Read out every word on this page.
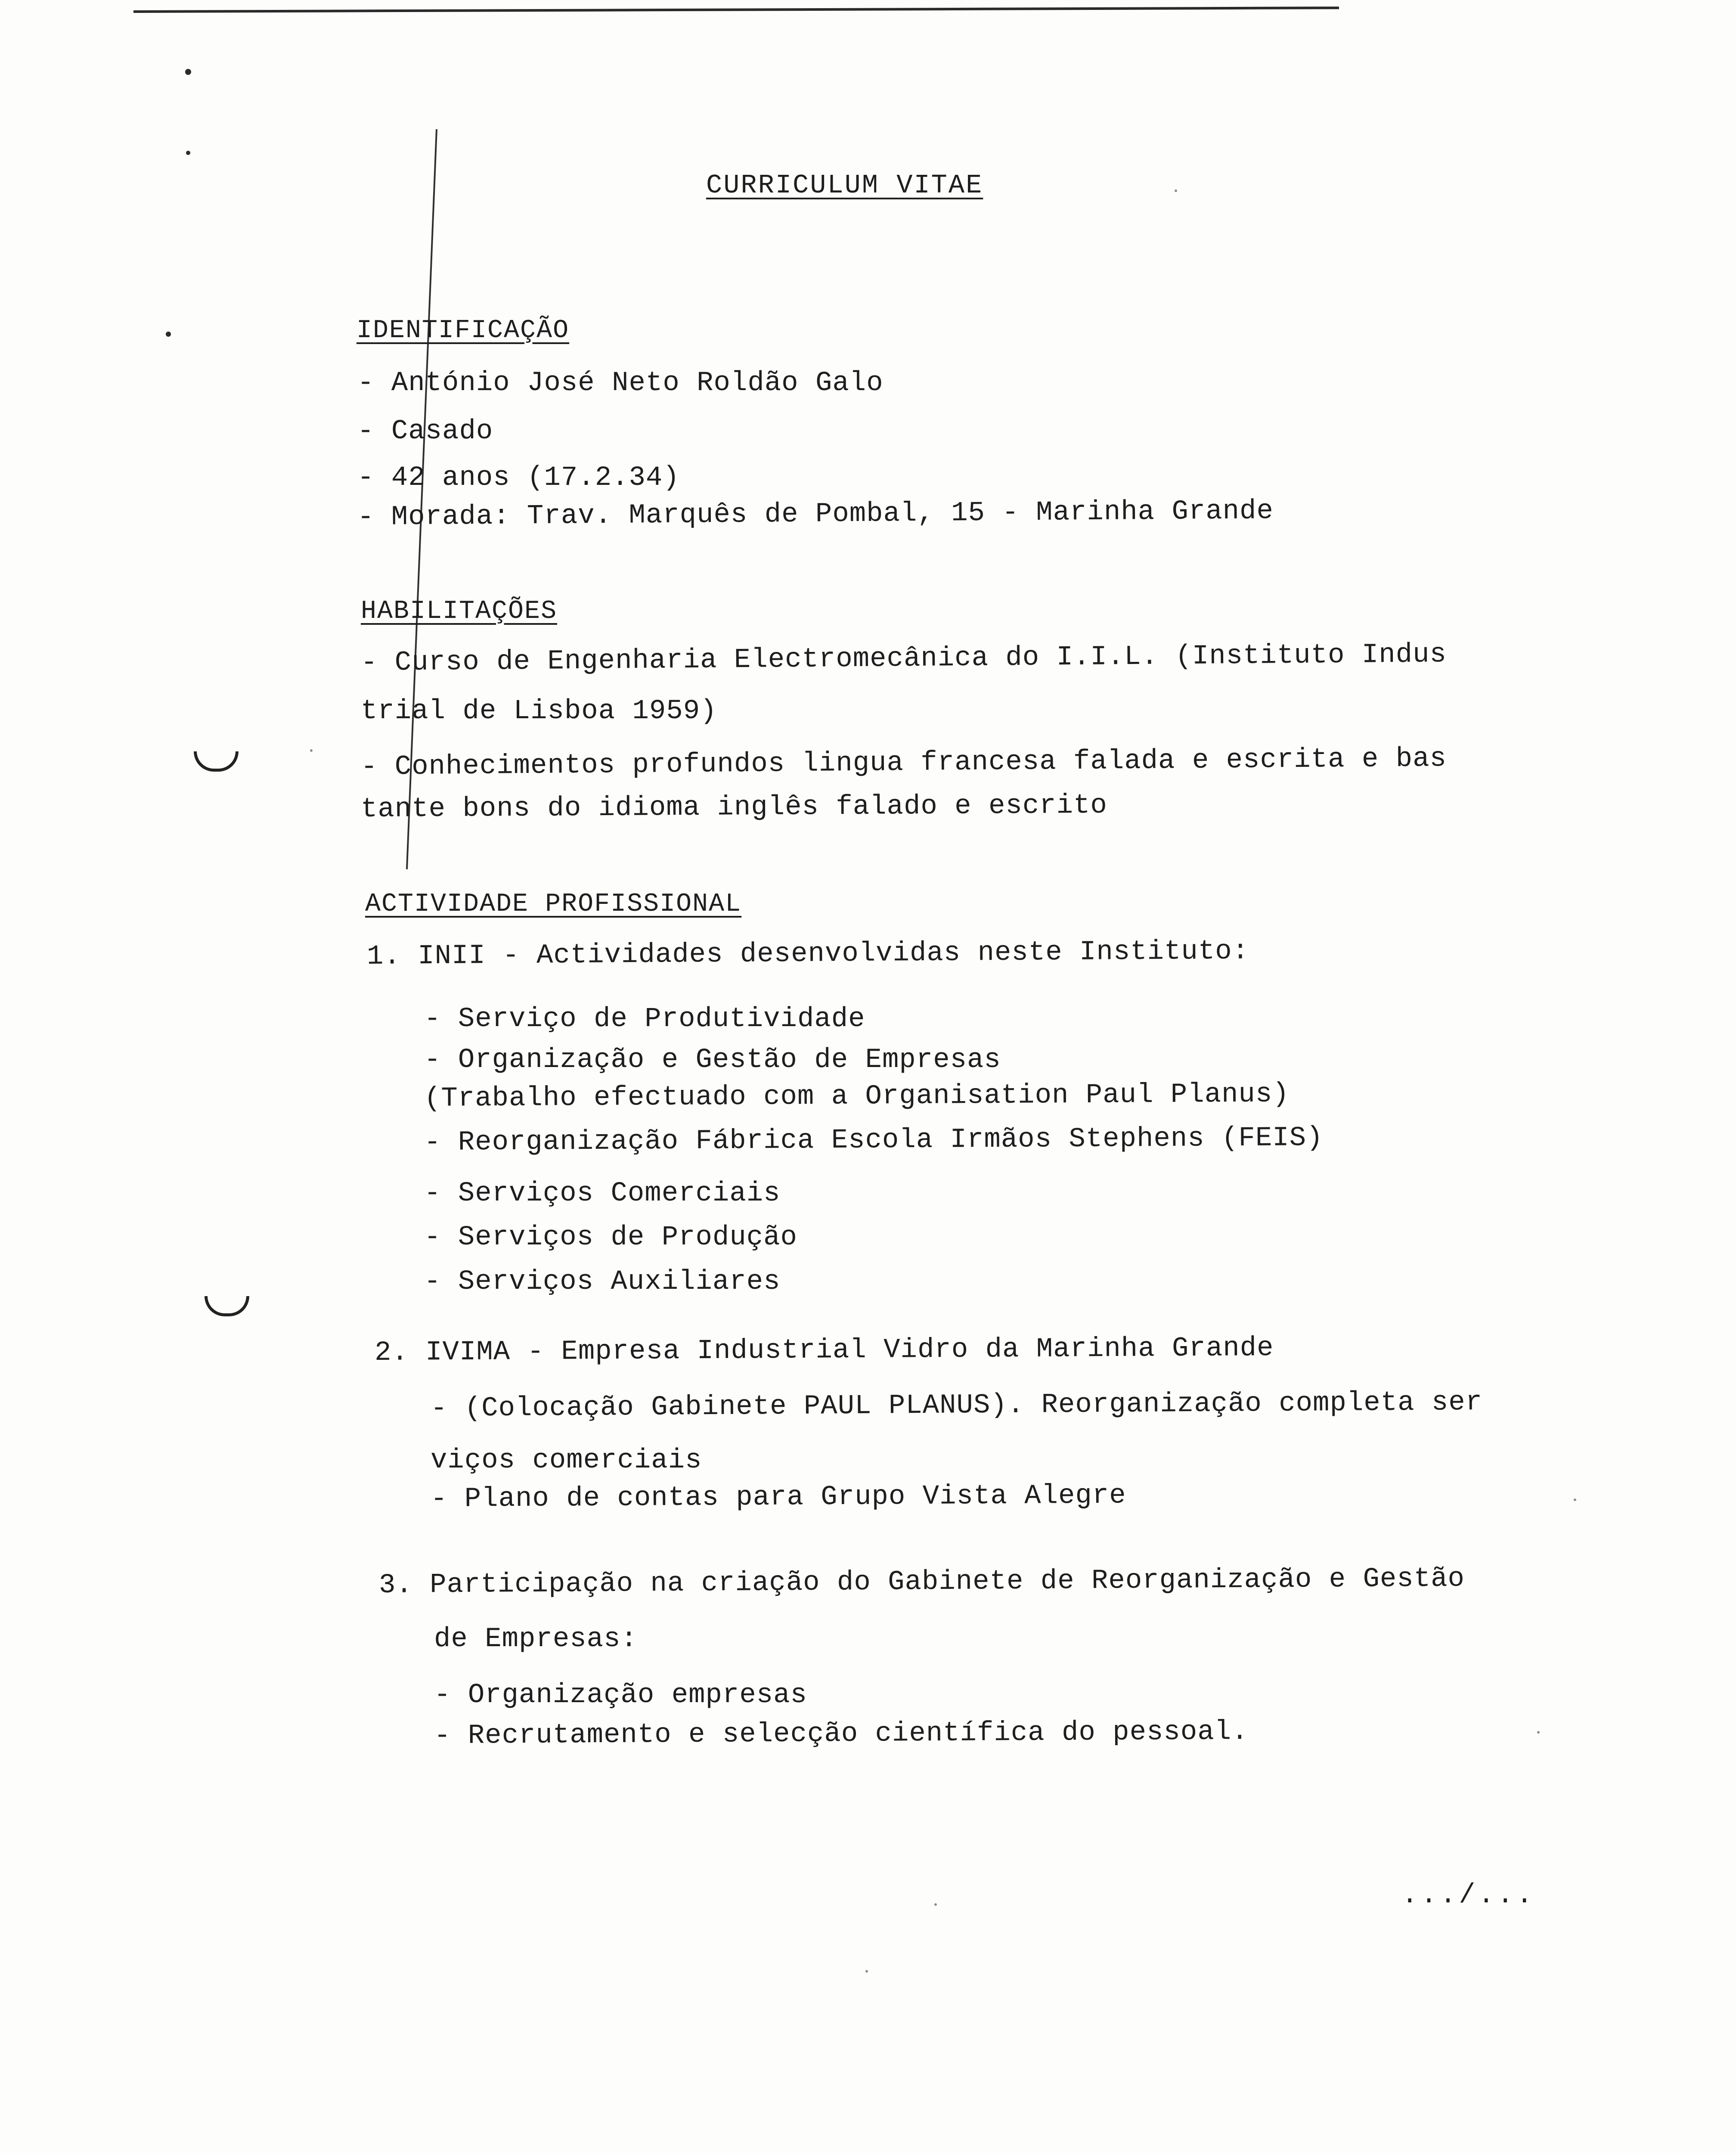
CURRICULUM VITAE
IDENTIFICAÇÃO
- António José Neto Roldão Galo
- Casado
- 42 anos (17.2.34)
- Morada: Trav. Marquês de Pombal, 15 - Marinha Grande
HABILITAÇÕES
- Curso de Engenharia Electromecânica do I.I.L. (Instituto Indus
trial de Lisboa 1959)
- Conhecimentos profundos lingua francesa falada e escrita e bas
tante bons do idioma inglês falado e escrito
ACTIVIDADE PROFISSIONAL
1. INII - Actividades desenvolvidas neste Instituto:
- Serviço de Produtividade
- Organização e Gestão de Empresas
(Trabalho efectuado com a Organisation Paul Planus)
- Reorganização Fábrica Escola Irmãos Stephens (FEIS)
- Serviços Comerciais
- Serviços de Produção
- Serviços Auxiliares
2. IVIMA - Empresa Industrial Vidro da Marinha Grande
- (Colocação Gabinete PAUL PLANUS). Reorganização completa ser
viços comerciais
- Plano de contas para Grupo Vista Alegre
3. Participação na criação do Gabinete de Reorganização e Gestão
de Empresas:
- Organização empresas
- Recrutamento e selecção científica do pessoal.
.../...
